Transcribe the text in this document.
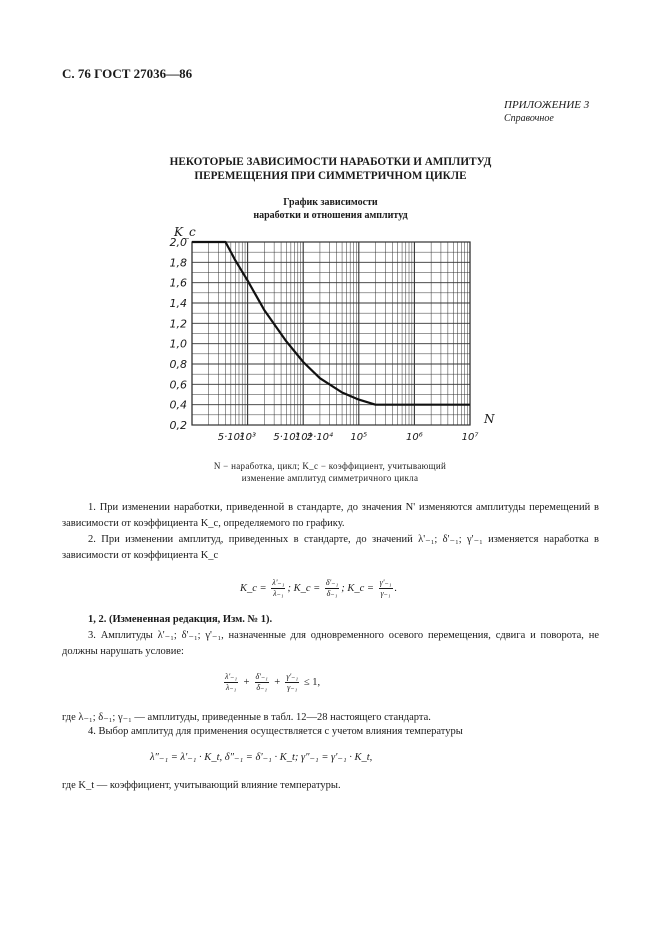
С. 76 ГОСТ 27036—86
ПРИЛОЖЕНИЕ 3
Справочное
НЕКОТОРЫЕ ЗАВИСИМОСТИ НАРАБОТКИ И АМПЛИТУД
ПЕРЕМЕЩЕНИЯ ПРИ СИММЕТРИЧНОМ ЦИКЛЕ
График зависимости
наработки и отношения амплитуд
2,0
1,8
1,6
1,4
1,2
1,0
0,8
0,6
0,4
0,2
5·10²
10³ 5·10³
10⁴
2·10⁴ 10⁵	10⁶	10⁷
K_c
N
N − наработка, цикл; K_c − коэффициент, учитывающий
изменение амплитуд симметричного цикла
1. При изменении наработки, приведенной в стандарте, до значения N' изменяются амплитуды перемещений в зависимости от коэффициента K_c, определяемого по графику.
2. При изменении амплитуд, приведенных в стандарте, до значений λ'₋₁; δ'₋₁; γ'₋₁ изменяется наработка в зависимости от коэффициента K_c
K_c = $\frac{\text{λ'₋₁}}{\text{λ₋₁}}$ ; K_c = $\frac{\text{δ'₋₁}}{\text{δ₋₁}}$ ; K_c = $\frac{\text{γ'₋₁}}{\text{γ₋₁}}$ .
1, 2. (Измененная редакция, Изм. № 1).
3. Амплитуды λ'₋₁; δ'₋₁; γ'₋₁, назначенные для одновременного осевого перемещения, сдвига и поворота, не должны нарушать условие:
$\frac{\text{λ'₋₁}}{\text{λ₋₁}} + \frac{\text{δ'₋₁}}{\text{δ₋₁}} + \frac{\text{γ'₋₁}}{\text{γ₋₁}} \le 1$,
где λ₋₁; δ₋₁; γ₋₁ — амплитуды, приведенные в табл. 12—28 настоящего стандарта.
4. Выбор амплитуд для применения осуществляется с учетом влияния температуры
λ″₋₁ = λ'₋₁ · K_t, δ″₋₁ = δ'₋₁ · K_t; γ″₋₁ = γ'₋₁ · K_t,
где K_t — коэффициент, учитывающий влияние температуры.
